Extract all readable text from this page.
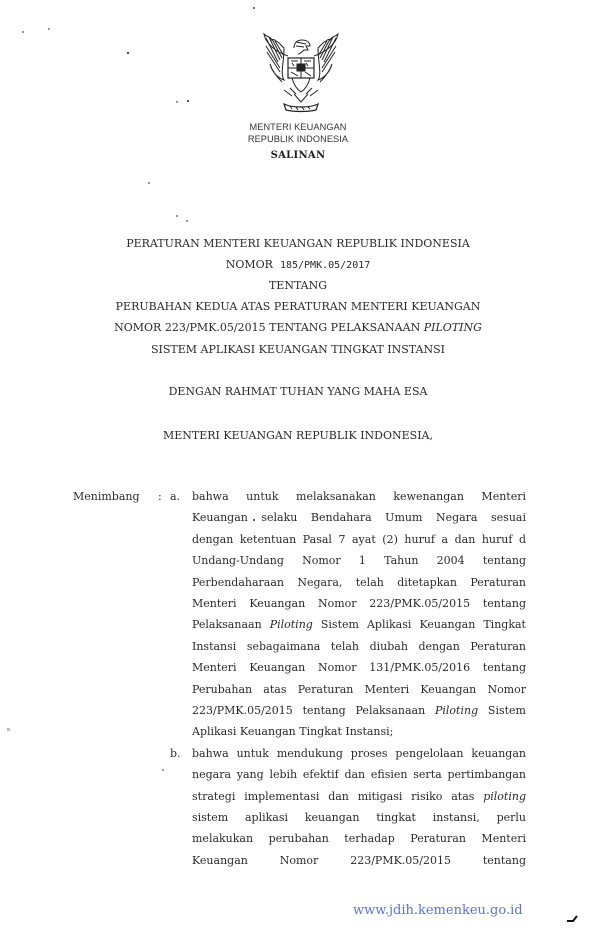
MENTERI KEUANGAN
REPUBLIK INDONESIA
SALINAN
PERATURAN MENTERI KEUANGAN REPUBLIK INDONESIA
NOMOR 185/PMK.05/2017
TENTANG
PERUBAHAN KEDUA ATAS PERATURAN MENTERI KEUANGAN
NOMOR 223/PMK.05/2015 TENTANG PELAKSANAAN PILOTING
SISTEM APLIKASI KEUANGAN TINGKAT INSTANSI
DENGAN RAHMAT TUHAN YANG MAHA ESA
MENTERI KEUANGAN REPUBLIK INDONESIA,
Menimbang : a. bahwa untuk melaksanakan kewenangan Menteri
Keuangan selaku Bendahara Umum Negara sesuai
dengan ketentuan Pasal 7 ayat (2) huruf a dan huruf d
Undang-Undang Nomor 1 Tahun 2004 tentang
Perbendaharaan Negara, telah ditetapkan Peraturan
Menteri Keuangan Nomor 223/PMK.05/2015 tentang
Pelaksanaan Piloting Sistem Aplikasi Keuangan Tingkat
Instansi sebagaimana telah diubah dengan Peraturan
Menteri Keuangan Nomor 131/PMK.05/2016 tentang
Perubahan atas Peraturan Menteri Keuangan Nomor
223/PMK.05/2015 tentang Pelaksanaan Piloting Sistem
Aplikasi Keuangan Tingkat Instansi;
b. bahwa untuk mendukung proses pengelolaan keuangan
negara yang lebih efektif dan efisien serta pertimbangan
strategi implementasi dan mitigasi risiko atas piloting
sistem aplikasi keuangan tingkat instansi, perlu
melakukan perubahan terhadap Peraturan Menteri
Keuangan Nomor 223/PMK.05/2015 tentang
www.jdih.kemenkeu.go.id
